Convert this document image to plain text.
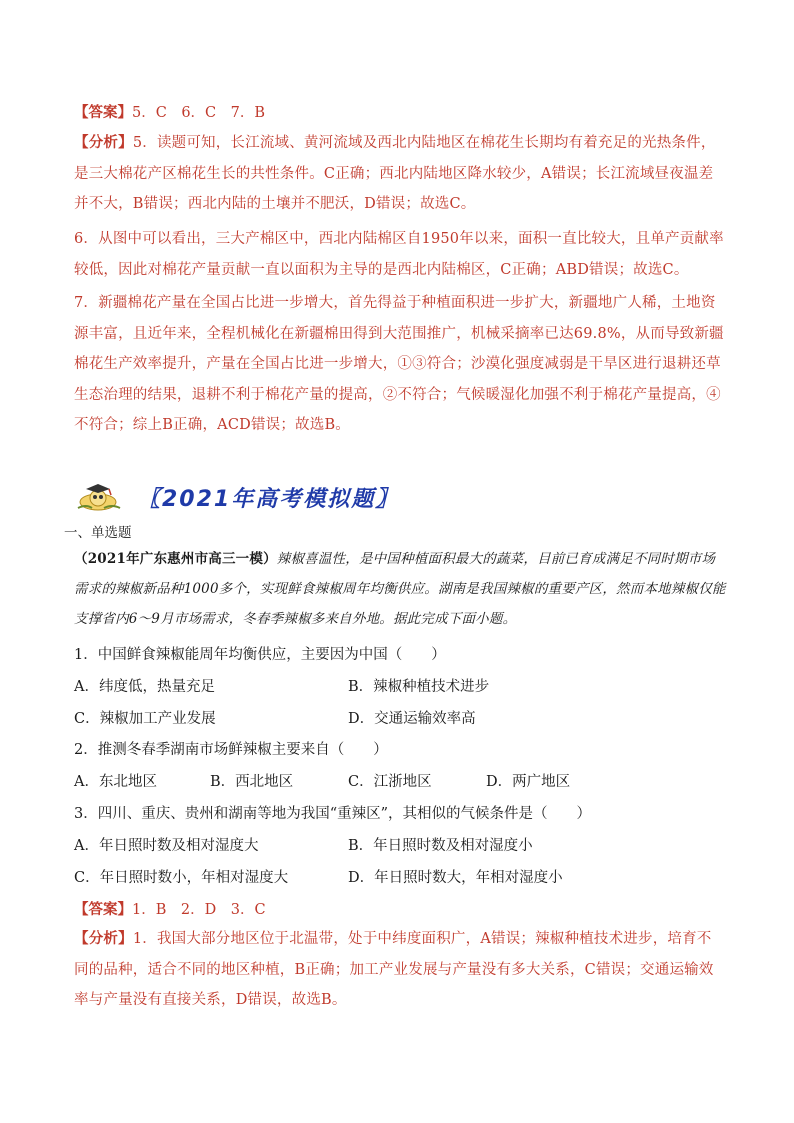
【答案】5．C　6．C　7．B
【分析】5．读题可知，长江流域、黄河流域及西北内陆地区在棉花生长期均有着充足的光热条件，是三大棉花产区棉花生长的共性条件。C正确；西北内陆地区降水较少，A错误；长江流域昼夜温差并不大，B错误；西北内陆的土壤并不肥沃，D错误；故选C。
6．从图中可以看出，三大产棉区中，西北内陆棉区自1950年以来，面积一直比较大，且单产贡献率较低，因此对棉花产量贡献一直以面积为主导的是西北内陆棉区，C正确；ABD错误；故选C。
7．新疆棉花产量在全国占比进一步增大，首先得益于种植面积进一步扩大，新疆地广人稀，土地资源丰富，且近年来，全程机械化在新疆棉田得到大范围推广，机械采摘率已达69.8%，从而导致新疆棉花生产效率提升，产量在全国占比进一步增大，①③符合；沙漠化强度减弱是干旱区进行退耕还草生态治理的结果，退耕不利于棉花产量的提高，②不符合；气候暖湿化加强不利于棉花产量提高，④不符合；综上B正确，ACD错误；故选B。
〖2021年高考模拟题〗
一、单选题
（2021年广东惠州市高三一模）辣椒喜温性，是中国种植面积最大的蔬菜，目前已育成满足不同时期市场需求的辣椒新品种1000多个，实现鲜食辣椒周年均衡供应。湖南是我国辣椒的重要产区，然而本地辣椒仅能支撑省内6～9月市场需求，冬春季辣椒多来自外地。据此完成下面小题。
1．中国鲜食辣椒能周年均衡供应，主要因为中国（　　）
A．纬度低，热量充足	B．辣椒种植技术进步
C．辣椒加工产业发展	D．交通运输效率高
2．推测冬春季湖南市场鲜辣椒主要来自（　　）
A．东北地区	B．西北地区	C．江浙地区	D．两广地区
3．四川、重庆、贵州和湖南等地为我国“重辣区”，其相似的气候条件是（　　）
A．年日照时数及相对湿度大	B．年日照时数及相对湿度小
C．年日照时数小，年相对湿度大	D．年日照时数大，年相对湿度小
【答案】1．B　2．D　3．C
【分析】1．我国大部分地区位于北温带，处于中纬度面积广，A错误；辣椒种植技术进步，培育不同的品种，适合不同的地区种植，B正确；加工产业发展与产量没有多大关系，C错误；交通运输效率与产量没有直接关系，D错误，故选B。
